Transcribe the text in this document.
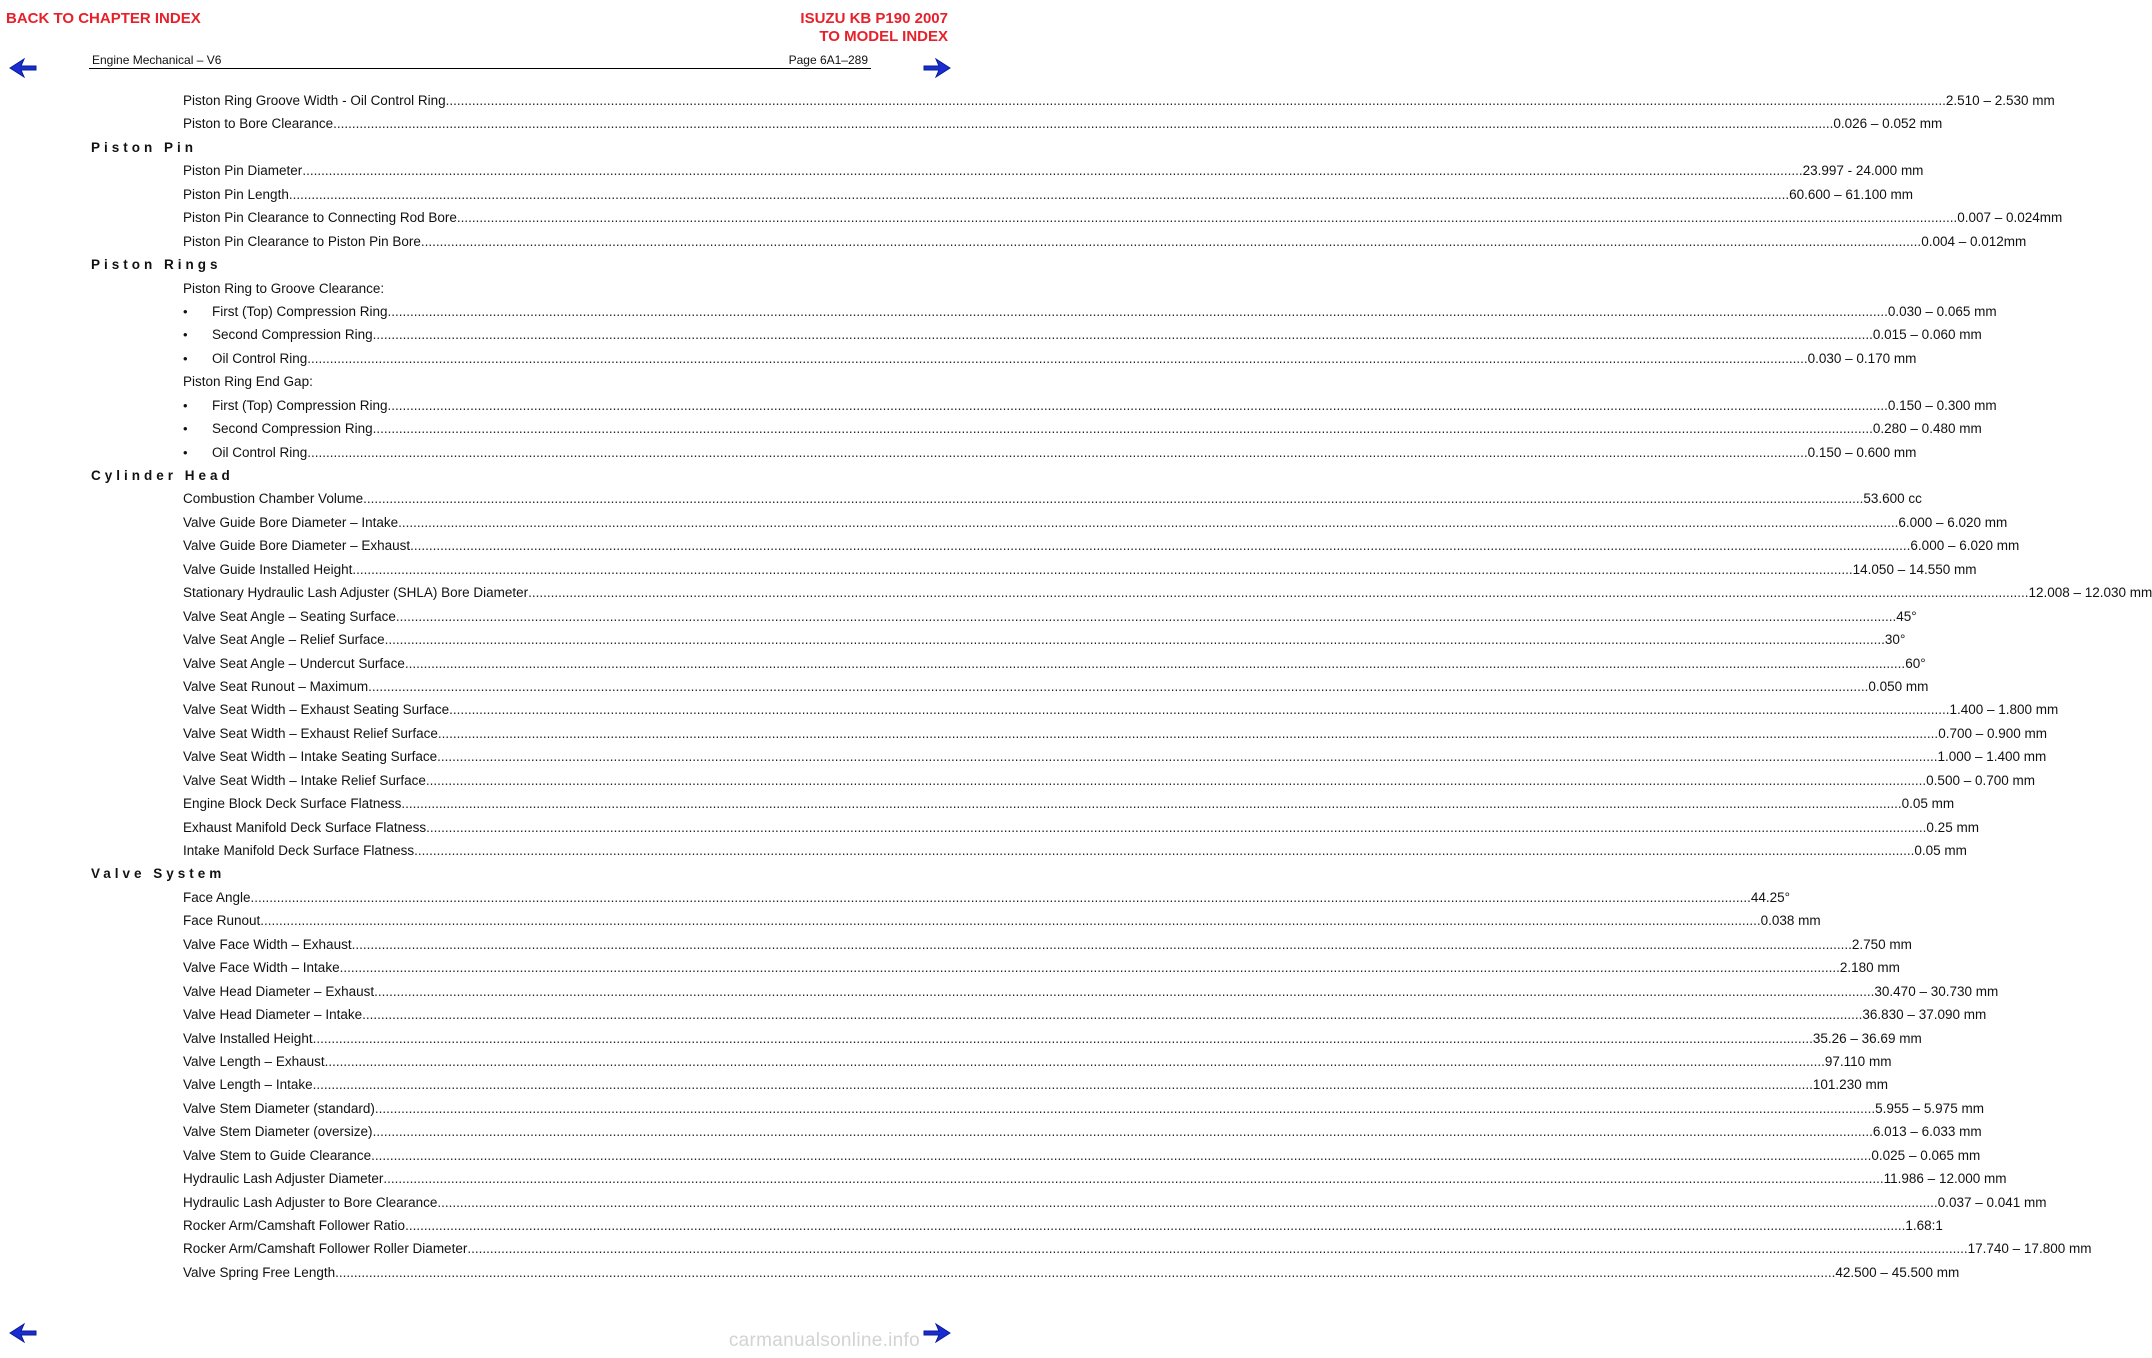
BACK TO CHAPTER INDEX	ISUZU KB P190 2007
TO MODEL INDEX
Engine Mechanical – V6	Page 6A1–289
Piston Ring Groove Width - Oil Control Ring ................................................................................................................................................................................................................................................................................................................................................................................................................ 2.510 – 2.530 mm
Piston to Bore Clearance ................................................................................................................................................................................................................................................................................................................................................................................................................ 0.026 – 0.052 mm
Piston Pin
Piston Pin Diameter ................................................................................................................................................................................................................................................................................................................................................................................................................ 23.997 - 24.000 mm
Piston Pin Length ................................................................................................................................................................................................................................................................................................................................................................................................................ 60.600 – 61.100 mm
Piston Pin Clearance to Connecting Rod Bore ................................................................................................................................................................................................................................................................................................................................................................................................................ 0.007 – 0.024mm
Piston Pin Clearance to Piston Pin Bore ................................................................................................................................................................................................................................................................................................................................................................................................................ 0.004 – 0.012mm
Piston Rings
Piston Ring to Groove Clearance:
•	First (Top) Compression Ring ................................................................................................................................................................................................................................................................................................................................................................................................................ 0.030 – 0.065 mm
•	Second Compression Ring ................................................................................................................................................................................................................................................................................................................................................................................................................ 0.015 – 0.060 mm
•	Oil Control Ring ................................................................................................................................................................................................................................................................................................................................................................................................................ 0.030 – 0.170 mm
Piston Ring End Gap:
•	First (Top) Compression Ring ................................................................................................................................................................................................................................................................................................................................................................................................................ 0.150 – 0.300 mm
•	Second Compression Ring ................................................................................................................................................................................................................................................................................................................................................................................................................ 0.280 – 0.480 mm
•	Oil Control Ring ................................................................................................................................................................................................................................................................................................................................................................................................................ 0.150 – 0.600 mm
Cylinder Head
Combustion Chamber Volume ................................................................................................................................................................................................................................................................................................................................................................................................................ 53.600 cc
Valve Guide Bore Diameter – Intake ................................................................................................................................................................................................................................................................................................................................................................................................................ 6.000 – 6.020 mm
Valve Guide Bore Diameter – Exhaust ................................................................................................................................................................................................................................................................................................................................................................................................................ 6.000 – 6.020 mm
Valve Guide Installed Height ................................................................................................................................................................................................................................................................................................................................................................................................................ 14.050 – 14.550 mm
Stationary Hydraulic Lash Adjuster (SHLA) Bore Diameter ................................................................................................................................................................................................................................................................................................................................................................................................................ 12.008 – 12.030 mm
Valve Seat Angle – Seating Surface ................................................................................................................................................................................................................................................................................................................................................................................................................ 45°
Valve Seat Angle – Relief Surface ................................................................................................................................................................................................................................................................................................................................................................................................................ 30°
Valve Seat Angle – Undercut Surface ................................................................................................................................................................................................................................................................................................................................................................................................................ 60°
Valve Seat Runout – Maximum ................................................................................................................................................................................................................................................................................................................................................................................................................ 0.050 mm
Valve Seat Width – Exhaust Seating Surface ................................................................................................................................................................................................................................................................................................................................................................................................................ 1.400 – 1.800 mm
Valve Seat Width – Exhaust Relief Surface ................................................................................................................................................................................................................................................................................................................................................................................................................ 0.700 – 0.900 mm
Valve Seat Width – Intake Seating Surface ................................................................................................................................................................................................................................................................................................................................................................................................................ 1.000 – 1.400 mm
Valve Seat Width – Intake Relief Surface ................................................................................................................................................................................................................................................................................................................................................................................................................ 0.500 – 0.700 mm
Engine Block Deck Surface Flatness ................................................................................................................................................................................................................................................................................................................................................................................................................ 0.05 mm
Exhaust Manifold Deck Surface Flatness ................................................................................................................................................................................................................................................................................................................................................................................................................ 0.25 mm
Intake Manifold Deck Surface Flatness ................................................................................................................................................................................................................................................................................................................................................................................................................ 0.05 mm
Valve System
Face Angle ................................................................................................................................................................................................................................................................................................................................................................................................................ 44.25°
Face Runout ................................................................................................................................................................................................................................................................................................................................................................................................................ 0.038 mm
Valve Face Width – Exhaust ................................................................................................................................................................................................................................................................................................................................................................................................................ 2.750 mm
Valve Face Width – Intake ................................................................................................................................................................................................................................................................................................................................................................................................................ 2.180 mm
Valve Head Diameter – Exhaust ................................................................................................................................................................................................................................................................................................................................................................................................................ 30.470 – 30.730 mm
Valve Head Diameter – Intake ................................................................................................................................................................................................................................................................................................................................................................................................................ 36.830 – 37.090 mm
Valve Installed Height ................................................................................................................................................................................................................................................................................................................................................................................................................ 35.26 – 36.69 mm
Valve Length – Exhaust ................................................................................................................................................................................................................................................................................................................................................................................................................ 97.110 mm
Valve Length – Intake ................................................................................................................................................................................................................................................................................................................................................................................................................ 101.230 mm
Valve Stem Diameter (standard) ................................................................................................................................................................................................................................................................................................................................................................................................................ 5.955 – 5.975 mm
Valve Stem Diameter (oversize) ................................................................................................................................................................................................................................................................................................................................................................................................................ 6.013 – 6.033 mm
Valve Stem to Guide Clearance ................................................................................................................................................................................................................................................................................................................................................................................................................ 0.025 – 0.065 mm
Hydraulic Lash Adjuster Diameter ................................................................................................................................................................................................................................................................................................................................................................................................................ 11.986 – 12.000 mm
Hydraulic Lash Adjuster to Bore Clearance ................................................................................................................................................................................................................................................................................................................................................................................................................ 0.037 – 0.041 mm
Rocker Arm/Camshaft Follower Ratio ................................................................................................................................................................................................................................................................................................................................................................................................................ 1.68:1
Rocker Arm/Camshaft Follower Roller Diameter ................................................................................................................................................................................................................................................................................................................................................................................................................ 17.740 – 17.800 mm
Valve Spring Free Length ................................................................................................................................................................................................................................................................................................................................................................................................................ 42.500 – 45.500 mm
carmanualsonline.info
